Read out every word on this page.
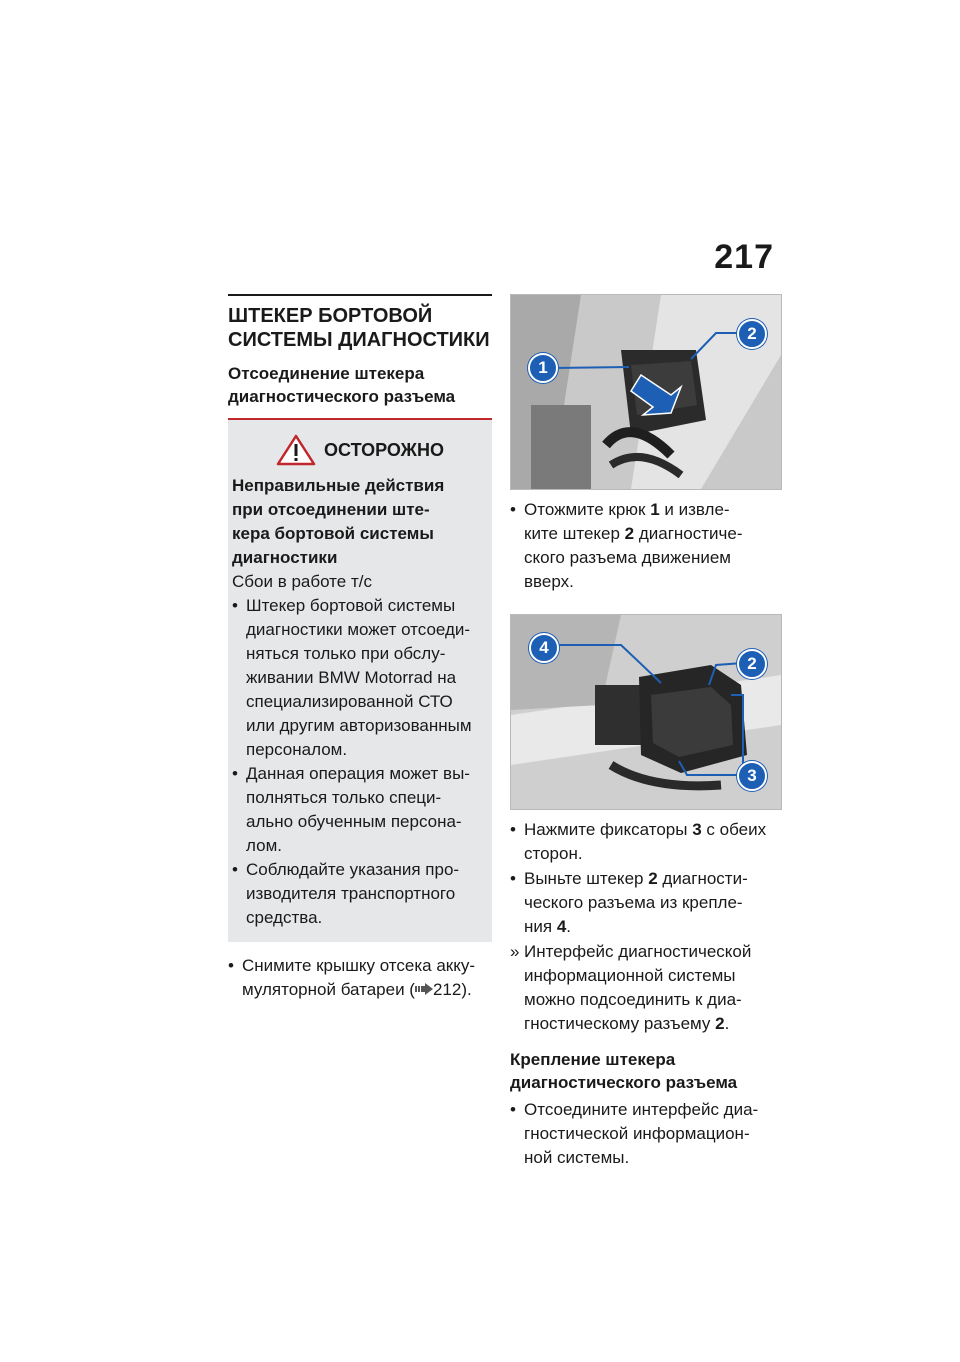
217
ШТЕКЕР БОРТОВОЙ
СИСТЕМЫ ДИАГНОСТИКИ
Отсоединение штекера
диагностического разъема
ОСТОРОЖНО
Неправильные действия
при отсоединении ште-
кера бортовой системы
диагностики
Сбои в работе т/с
• Штекер бортовой системы
диагностики может отсоеди-
няться только при обслу-
живании BMW Motorrad на
специализированной СТО
или другим авторизованным
персоналом.
• Данная операция может вы-
полняться только специ-
ально обученным персона-
лом.
• Соблюдайте указания про-
изводителя транспортного
средства.
• Снимите крышку отсека акку-
муляторной батареи ( 212).
1
2
• Отожмите крюк 1 и извле-
ките штекер 2 диагностиче-
ского разъема движением
вверх.
4
2
3
• Нажмите фиксаторы 3 с обеих
сторон.
• Выньте штекер 2 диагности-
ческого разъема из крепле-
ния 4.
» Интерфейс диагностической
информационной системы
можно подсоединить к диа-
гностическому разъему 2.
Крепление штекера
диагностического разъема
• Отсоедините интерфейс диа-
гностической информацион-
ной системы.
